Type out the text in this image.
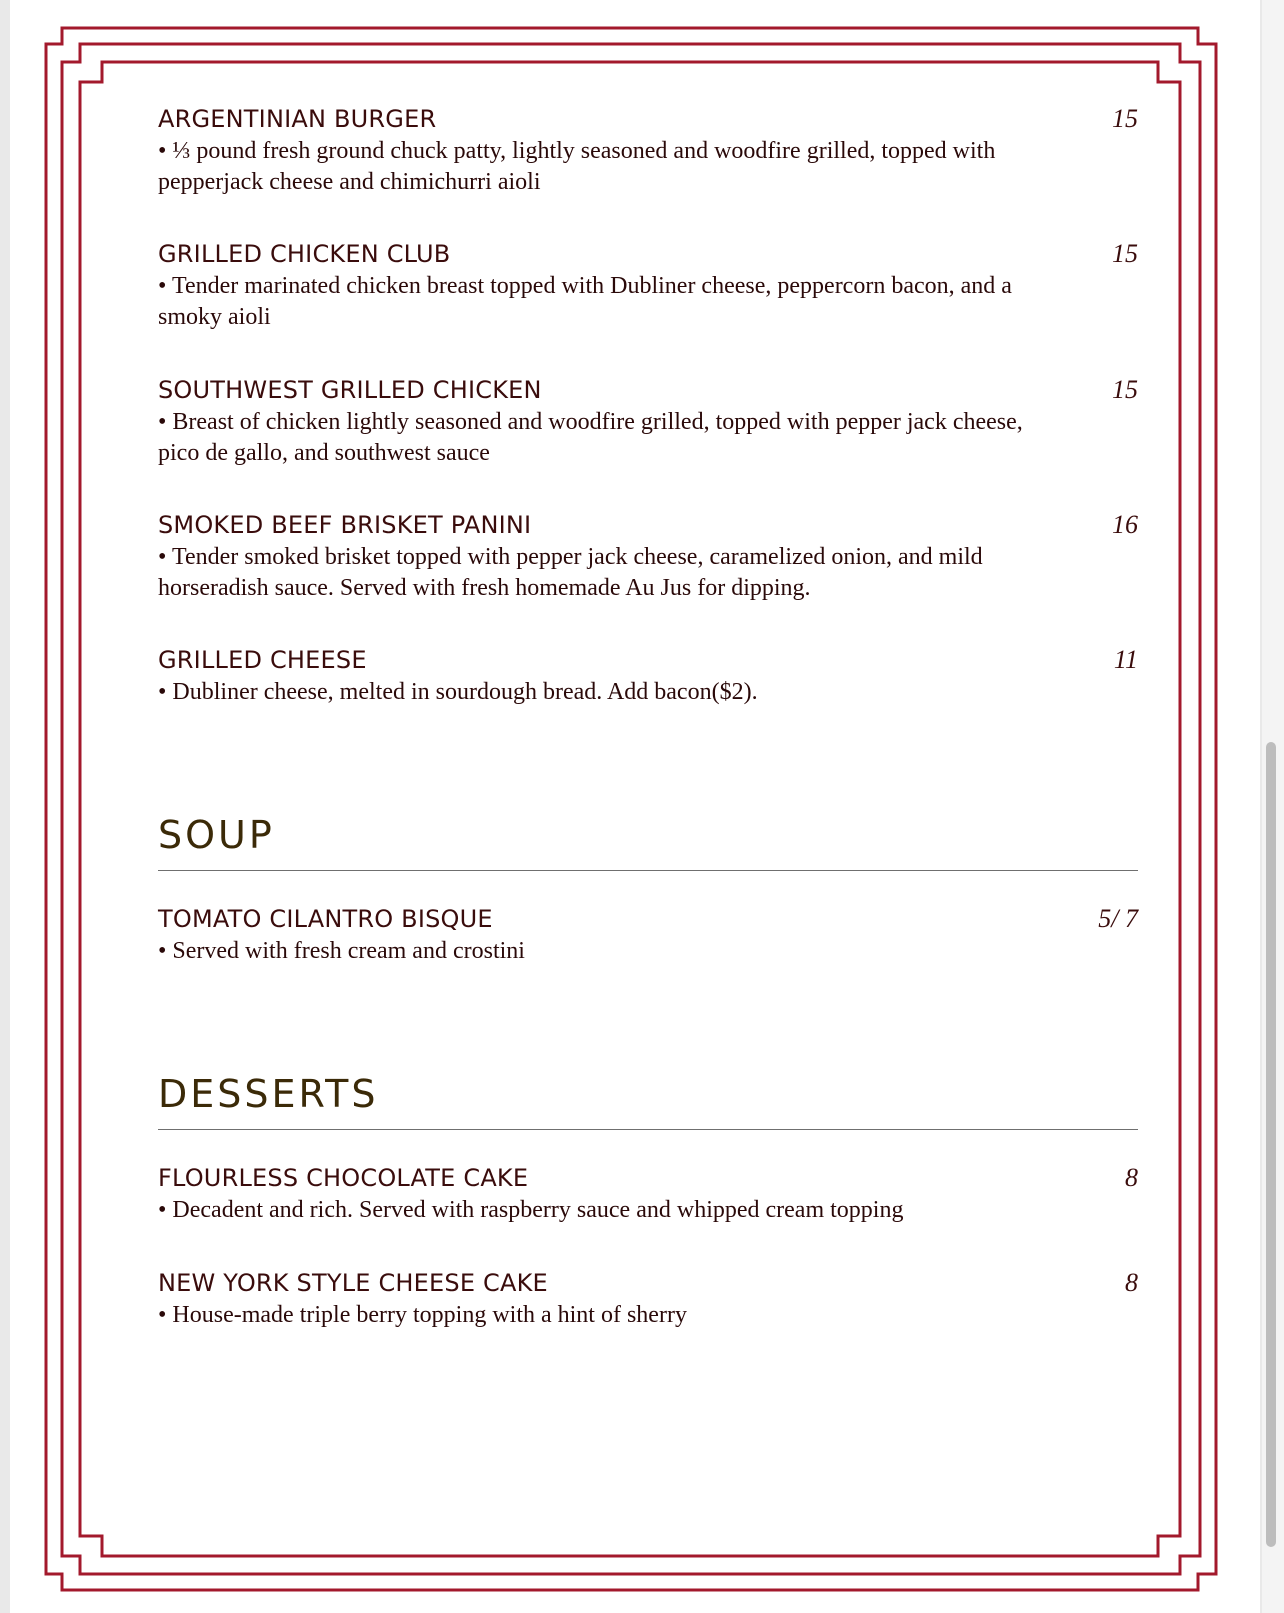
ARGENTINIAN BURGER	15
• ⅓ pound fresh ground chuck patty, lightly seasoned and woodfire grilled, topped with pepperjack cheese and chimichurri aioli
GRILLED CHICKEN CLUB	15
• Tender marinated chicken breast topped with Dubliner cheese, peppercorn bacon, and a smoky aioli
SOUTHWEST GRILLED CHICKEN	15
• Breast of chicken lightly seasoned and woodfire grilled, topped with pepper jack cheese, pico de gallo, and southwest sauce
SMOKED BEEF BRISKET PANINI	16
• Tender smoked brisket topped with pepper jack cheese, caramelized onion, and mild horseradish sauce. Served with fresh homemade Au Jus for dipping.
GRILLED CHEESE	11
• Dubliner cheese, melted in sourdough bread. Add bacon($2).
SOUP
TOMATO CILANTRO BISQUE	5/ 7
• Served with fresh cream and crostini
DESSERTS
FLOURLESS CHOCOLATE CAKE	8
• Decadent and rich. Served with raspberry sauce and whipped cream topping
NEW YORK STYLE CHEESE CAKE	8
• House-made triple berry topping with a hint of sherry
